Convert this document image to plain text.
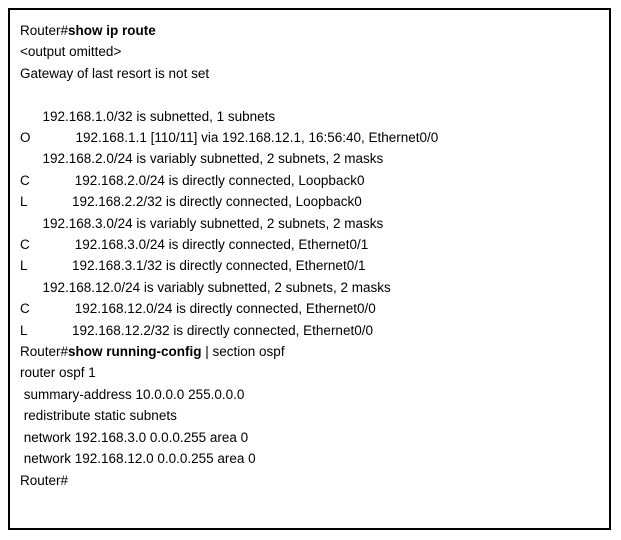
Router#show ip route
<output omitted>
Gateway of last resort is not set
192.168.1.0/32 is subnetted, 1 subnets
O            192.168.1.1 [110/11] via 192.168.12.1, 16:56:40, Ethernet0/0
192.168.2.0/24 is variably subnetted, 2 subnets, 2 masks
C            192.168.2.0/24 is directly connected, Loopback0
L            192.168.2.2/32 is directly connected, Loopback0
192.168.3.0/24 is variably subnetted, 2 subnets, 2 masks
C            192.168.3.0/24 is directly connected, Ethernet0/1
L            192.168.3.1/32 is directly connected, Ethernet0/1
192.168.12.0/24 is variably subnetted, 2 subnets, 2 masks
C            192.168.12.0/24 is directly connected, Ethernet0/0
L            192.168.12.2/32 is directly connected, Ethernet0/0
Router#show running-config | section ospf
router ospf 1
summary-address 10.0.0.0 255.0.0.0
redistribute static subnets
network 192.168.3.0 0.0.0.255 area 0
network 192.168.12.0 0.0.0.255 area 0
Router#
